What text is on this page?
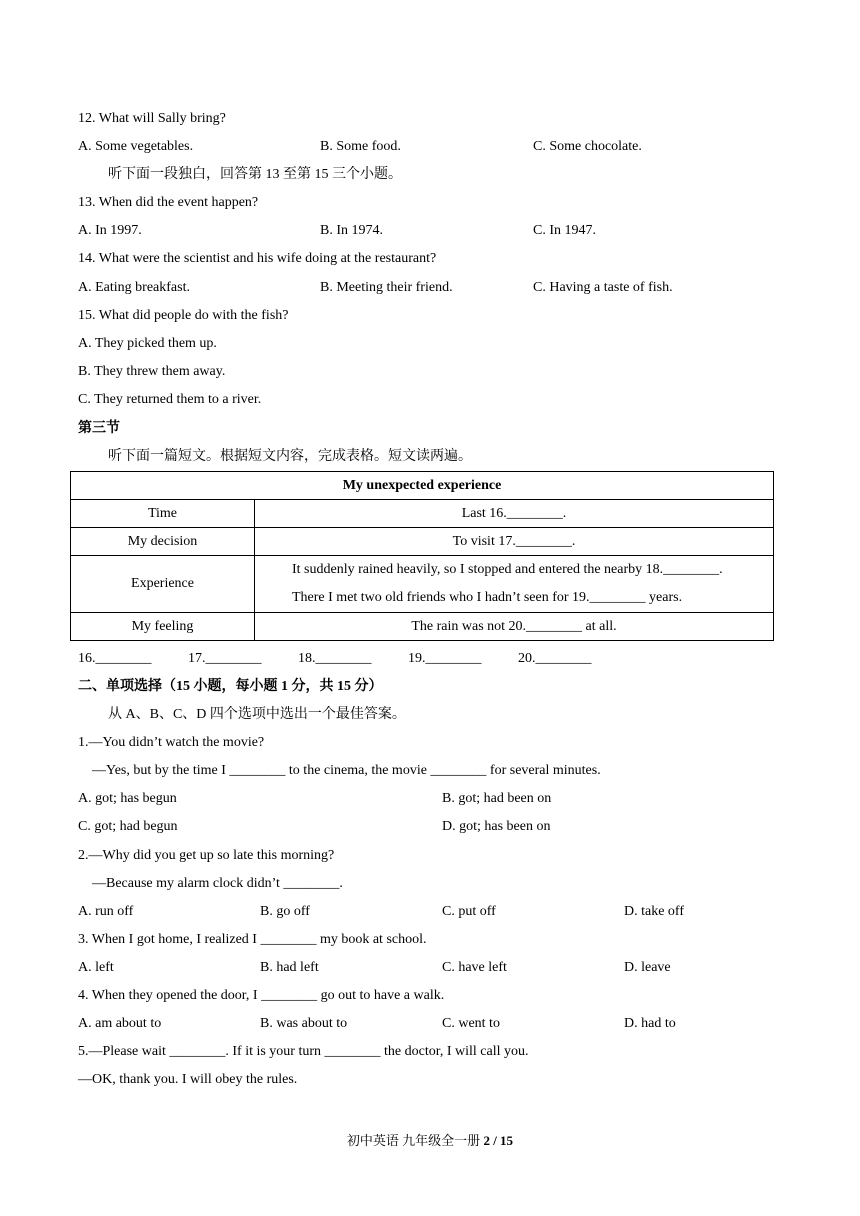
12. What will Sally bring?
A. Some vegetables.	B. Some food.	C. Some chocolate.
听下面一段独白，回答第 13 至第 15 三个小题。
13. When did the event happen?
A. In 1997.	B. In 1974.	C. In 1947.
14. What were the scientist and his wife doing at the restaurant?
A. Eating breakfast.	B. Meeting their friend.	C. Having a taste of fish.
15. What did people do with the fish?
A. They picked them up.
B. They threw them away.
C. They returned them to a river.
第三节
听下面一篇短文。根据短文内容，完成表格。短文读两遍。
My unexpected experience	
Time	Last 16.________.
My decision	To visit 17.________.
Experience	It suddenly rained heavily, so I stopped and entered the nearby 18.________.
There I met two old friends who I hadn’t seen for 19.________ years.

My feeling	The rain was not 20.________ at all.
16.________	17.________	18.________	19.________	20.________
二、单项选择（15 小题，每小题 1 分，共 15 分）
从 A、B、C、D 四个选项中选出一个最佳答案。
1.—You didn’t watch the movie?
—Yes, but by the time I ________ to the cinema, the movie ________ for several minutes.
A. got; has begun	B. got; had been on
C. got; had begun	D. got; has been on
2.—Why did you get up so late this morning?
—Because my alarm clock didn’t ________.
A. run off	B. go off	C. put off	D. take off
3. When I got home, I realized I ________ my book at school.
A. left	B. had left	C. have left	D. leave
4. When they opened the door, I ________ go out to have a walk.
A. am about to	B. was about to	C. went to	D. had to
5.—Please wait ________. If it is your turn ________ the doctor, I will call you.
—OK, thank you. I will obey the rules.
初中英语 九年级全一册 2 / 15
